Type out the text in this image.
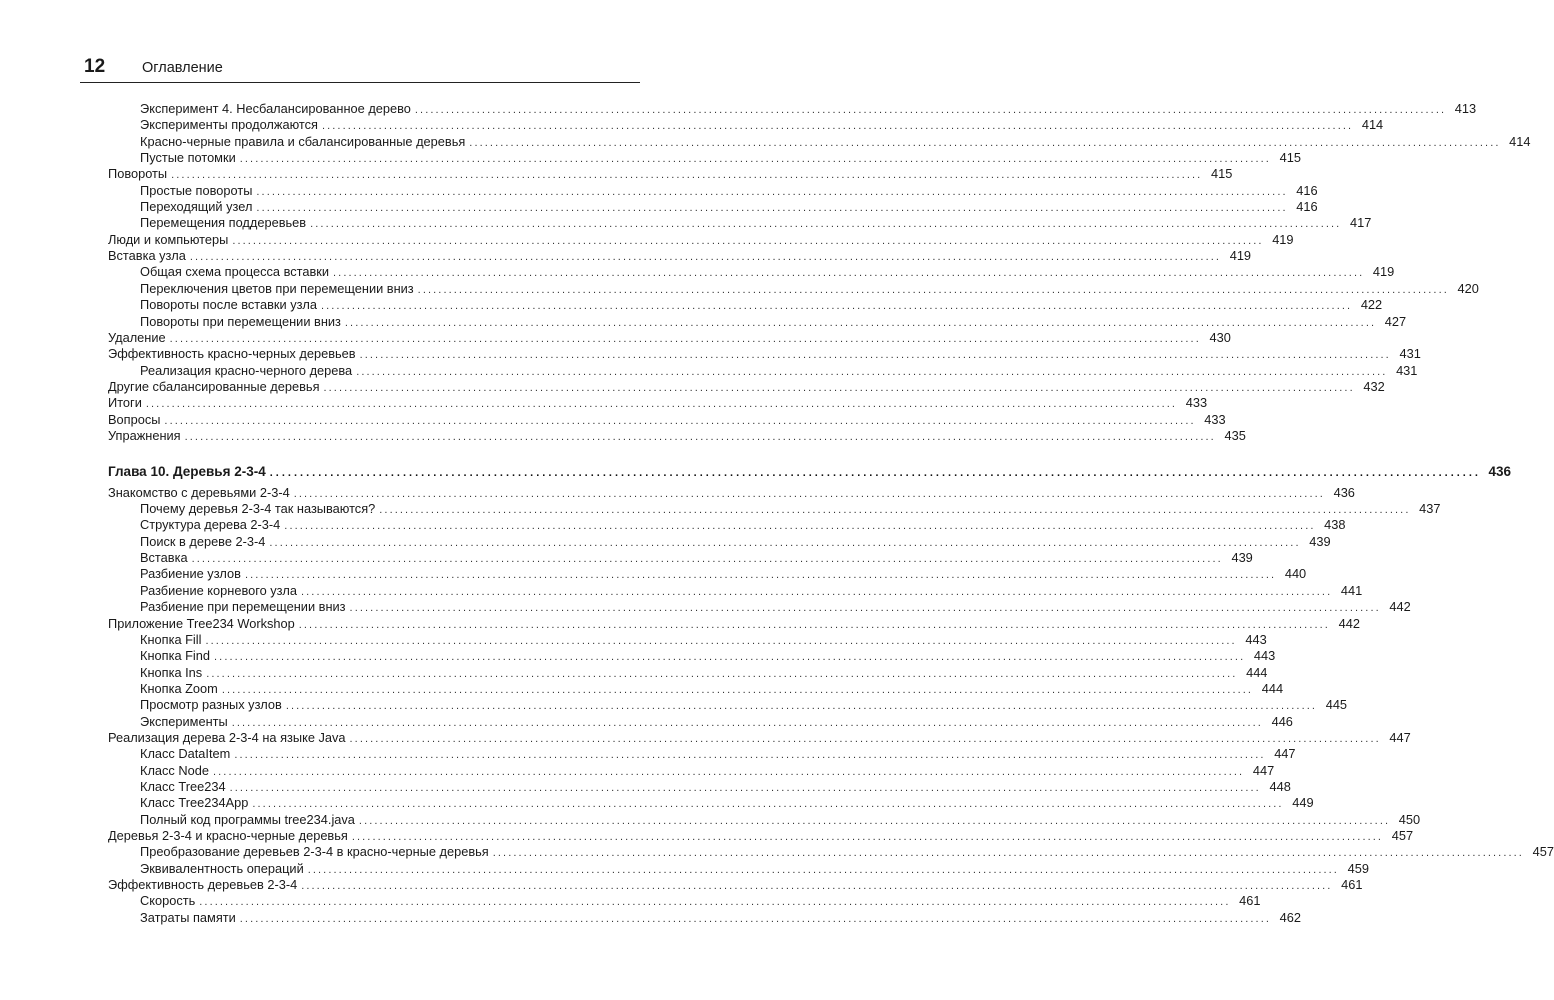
12	Оглавление
Эксперимент 4. Несбалансированное дерево ........................................................................................................................................................................................................ 413
Эксперименты продолжаются ........................................................................................................................................................................................................ 414
Красно-черные правила и сбалансированные деревья ........................................................................................................................................................................................................ 414
Пустые потомки ........................................................................................................................................................................................................ 415
Повороты ........................................................................................................................................................................................................ 415
Простые повороты ........................................................................................................................................................................................................ 416
Переходящий узел ........................................................................................................................................................................................................ 416
Перемещения поддеревьев ........................................................................................................................................................................................................ 417
Люди и компьютеры ........................................................................................................................................................................................................ 419
Вставка узла ........................................................................................................................................................................................................ 419
Общая схема процесса вставки ........................................................................................................................................................................................................ 419
Переключения цветов при перемещении вниз ........................................................................................................................................................................................................ 420
Повороты после вставки узла ........................................................................................................................................................................................................ 422
Повороты при перемещении вниз ........................................................................................................................................................................................................ 427
Удаление ........................................................................................................................................................................................................ 430
Эффективность красно-черных деревьев ........................................................................................................................................................................................................ 431
Реализация красно-черного дерева ........................................................................................................................................................................................................ 431
Другие сбалансированные деревья ........................................................................................................................................................................................................ 432
Итоги ........................................................................................................................................................................................................ 433
Вопросы ........................................................................................................................................................................................................ 433
Упражнения ........................................................................................................................................................................................................ 435
Глава 10. Деревья 2-3-4 ........................................................................................................................................................................................................ 436
Знакомство с деревьями 2-3-4 ........................................................................................................................................................................................................ 436
Почему деревья 2-3-4 так называются? ........................................................................................................................................................................................................ 437
Структура дерева 2-3-4 ........................................................................................................................................................................................................ 438
Поиск в дереве 2-3-4 ........................................................................................................................................................................................................ 439
Вставка ........................................................................................................................................................................................................ 439
Разбиение узлов ........................................................................................................................................................................................................ 440
Разбиение корневого узла ........................................................................................................................................................................................................ 441
Разбиение при перемещении вниз ........................................................................................................................................................................................................ 442
Приложение Tree234 Workshop ........................................................................................................................................................................................................ 442
Кнопка Fill ........................................................................................................................................................................................................ 443
Кнопка Find ........................................................................................................................................................................................................ 443
Кнопка Ins ........................................................................................................................................................................................................ 444
Кнопка Zoom ........................................................................................................................................................................................................ 444
Просмотр разных узлов ........................................................................................................................................................................................................ 445
Эксперименты ........................................................................................................................................................................................................ 446
Реализация дерева 2-3-4 на языке Java ........................................................................................................................................................................................................ 447
Класс DataItem ........................................................................................................................................................................................................ 447
Класс Node ........................................................................................................................................................................................................ 447
Класс Tree234 ........................................................................................................................................................................................................ 448
Класс Tree234App ........................................................................................................................................................................................................ 449
Полный код программы tree234.java ........................................................................................................................................................................................................ 450
Деревья 2-3-4 и красно-черные деревья ........................................................................................................................................................................................................ 457
Преобразование деревьев 2-3-4 в красно-черные деревья ........................................................................................................................................................................................................ 457
Эквивалентность операций ........................................................................................................................................................................................................ 459
Эффективность деревьев 2-3-4 ........................................................................................................................................................................................................ 461
Скорость ........................................................................................................................................................................................................ 461
Затраты памяти ........................................................................................................................................................................................................ 462
